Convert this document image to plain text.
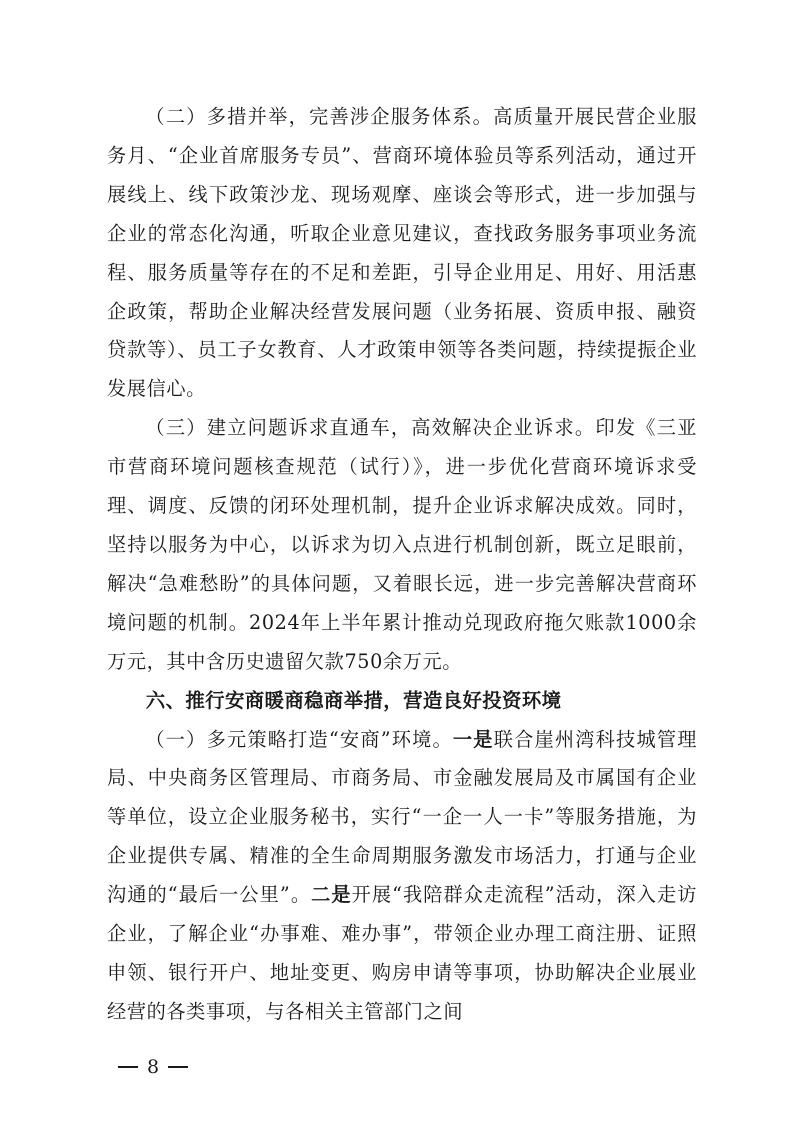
（二）多措并举，完善涉企服务体系。高质量开展民营企业服务月、“企业首席服务专员”、营商环境体验员等系列活动，通过开展线上、线下政策沙龙、现场观摩、座谈会等形式，进一步加强与企业的常态化沟通，听取企业意见建议，查找政务服务事项业务流程、服务质量等存在的不足和差距，引导企业用足、用好、用活惠企政策，帮助企业解决经营发展问题（业务拓展、资质申报、融资贷款等）、员工子女教育、人才政策申领等各类问题，持续提振企业发展信心。

（三）建立问题诉求直通车，高效解决企业诉求。印发《三亚市营商环境问题核查规范（试行）》，进一步优化营商环境诉求受理、调度、反馈的闭环处理机制，提升企业诉求解决成效。同时，坚持以服务为中心，以诉求为切入点进行机制创新，既立足眼前，解决“急难愁盼”的具体问题，又着眼长远，进一步完善解决营商环境问题的机制。2024年上半年累计推动兑现政府拖欠账款1000余万元，其中含历史遗留欠款750余万元。

六、推行安商暖商稳商举措，营造良好投资环境

（一）多元策略打造“安商”环境。一是联合崖州湾科技城管理局、中央商务区管理局、市商务局、市金融发展局及市属国有企业等单位，设立企业服务秘书，实行“一企一人一卡”等服务措施，为企业提供专属、精准的全生命周期服务激发市场活力，打通与企业沟通的“最后一公里”。二是开展“我陪群众走流程”活动，深入走访企业，了解企业“办事难、难办事”，带领企业办理工商注册、证照申领、银行开户、地址变更、购房申请等事项，协助解决企业展业经营的各类事项，与各相关主管部门之间

8
